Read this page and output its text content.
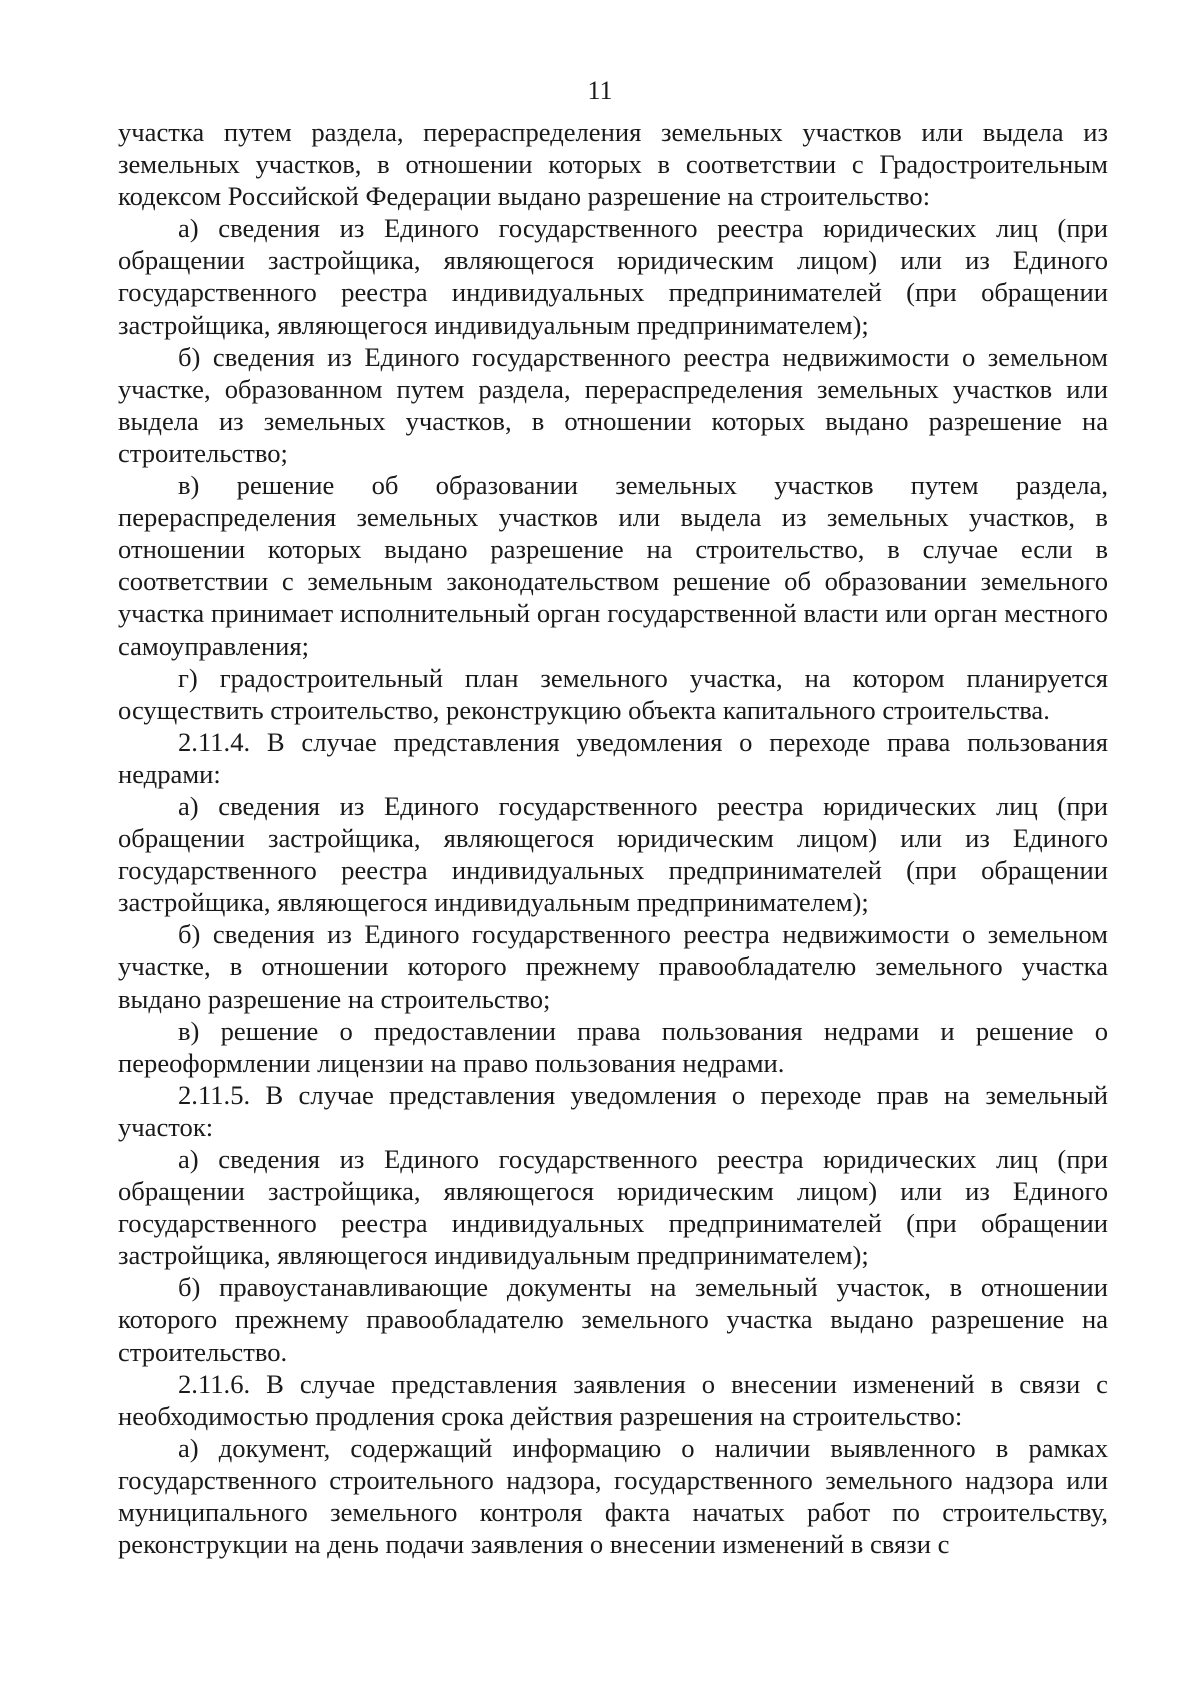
11

участка путем раздела, перераспределения земельных участков или выдела из земельных участков, в отношении которых в соответствии с Градостроительным кодексом Российской Федерации выдано разрешение на строительство:

а) сведения из Единого государственного реестра юридических лиц (при обращении застройщика, являющегося юридическим лицом) или из Единого государственного реестра индивидуальных предпринимателей (при обращении застройщика, являющегося индивидуальным предпринимателем);

б) сведения из Единого государственного реестра недвижимости о земельном участке, образованном путем раздела, перераспределения земельных участков или выдела из земельных участков, в отношении которых выдано разрешение на строительство;

в) решение об образовании земельных участков путем раздела, перераспределения земельных участков или выдела из земельных участков, в отношении которых выдано разрешение на строительство, в случае если в соответствии с земельным законодательством решение об образовании земельного участка принимает исполнительный орган государственной власти или орган местного самоуправления;

г) градостроительный план земельного участка, на котором планируется осуществить строительство, реконструкцию объекта капитального строительства.

2.11.4. В случае представления уведомления о переходе права пользования недрами:

а) сведения из Единого государственного реестра юридических лиц (при обращении застройщика, являющегося юридическим лицом) или из Единого государственного реестра индивидуальных предпринимателей (при обращении застройщика, являющегося индивидуальным предпринимателем);

б) сведения из Единого государственного реестра недвижимости о земельном участке, в отношении которого прежнему правообладателю земельного участка выдано разрешение на строительство;

в) решение о предоставлении права пользования недрами и решение о переоформлении лицензии на право пользования недрами.

2.11.5. В случае представления уведомления о переходе прав на земельный участок:

а) сведения из Единого государственного реестра юридических лиц (при обращении застройщика, являющегося юридическим лицом) или из Единого государственного реестра индивидуальных предпринимателей (при обращении застройщика, являющегося индивидуальным предпринимателем);

б) правоустанавливающие документы на земельный участок, в отношении которого прежнему правообладателю земельного участка выдано разрешение на строительство.

2.11.6. В случае представления заявления о внесении изменений в связи с необходимостью продления срока действия разрешения на строительство:

а) документ, содержащий информацию о наличии выявленного в рамках государственного строительного надзора, государственного земельного надзора или муниципального земельного контроля факта начатых работ по строительству, реконструкции на день подачи заявления о внесении изменений в связи с
